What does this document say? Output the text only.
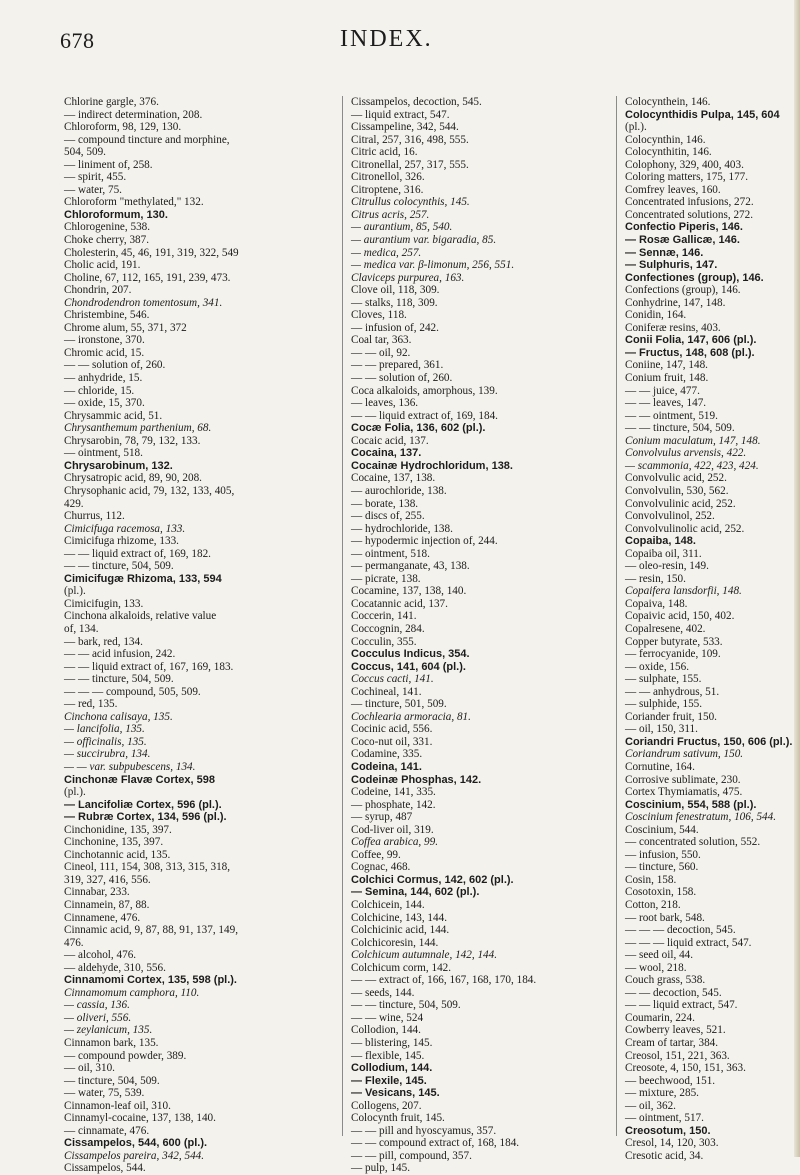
678	INDEX.
Chlorine gargle, 376.
— indirect determination, 208.
Chloroform, 98, 129, 130.
— compound tincture and morphine,
504, 509.
— liniment of, 258.
— spirit, 455.
— water, 75.
Chloroform "methylated," 132.
Chloroformum, 130.
Chlorogenine, 538.
Choke cherry, 387.
Cholesterin, 45, 46, 191, 319, 322, 549
Cholic acid, 191.
Choline, 67, 112, 165, 191, 239, 473.
Chondrin, 207.
Chondrodendron tomentosum, 341.
Christembine, 546.
Chrome alum, 55, 371, 372
— ironstone, 370.
Chromic acid, 15.
— — solution of, 260.
— anhydride, 15.
— chloride, 15.
— oxide, 15, 370.
Chrysammic acid, 51.
Chrysanthemum parthenium, 68.
Chrysarobin, 78, 79, 132, 133.
— ointment, 518.
Chrysarobinum, 132.
Chrysatropic acid, 89, 90, 208.
Chrysophanic acid, 79, 132, 133, 405,
429.
Churrus, 112.
Cimicifuga racemosa, 133.
Cimicifuga rhizome, 133.
— — liquid extract of, 169, 182.
— — tincture, 504, 509.
Cimicifugæ Rhizoma, 133, 594
(pl.).
Cimicifugin, 133.
Cinchona alkaloids, relative value
of, 134.
— bark, red, 134.
— — acid infusion, 242.
— — liquid extract of, 167, 169, 183.
— — tincture, 504, 509.
— — — compound, 505, 509.
— red, 135.
Cinchona calisaya, 135.
— lancifolia, 135.
— officinalis, 135.
— succirubra, 134.
— — var. subpubescens, 134.
Cinchonæ Flavæ Cortex, 598
(pl.).
— Lancifoliæ Cortex, 596 (pl.).
— Rubræ Cortex, 134, 596 (pl.).
Cinchonidine, 135, 397.
Cinchonine, 135, 397.
Cinchotannic acid, 135.
Cineol, 111, 154, 308, 313, 315, 318,
319, 327, 416, 556.
Cinnabar, 233.
Cinnamein, 87, 88.
Cinnamene, 476.
Cinnamic acid, 9, 87, 88, 91, 137, 149,
476.
— alcohol, 476.
— aldehyde, 310, 556.
Cinnamomi Cortex, 135, 598 (pl.).
Cinnamomum camphora, 110.
— cassia, 136.
— oliveri, 556.
— zeylanicum, 135.
Cinnamon bark, 135.
— compound powder, 389.
— oil, 310.
— tincture, 504, 509.
— water, 75, 539.
Cinnamon-leaf oil, 310.
Cinnamyl-cocaine, 137, 138, 140.
— cinnamate, 476.
Cissampelos, 544, 600 (pl.).
Cissampelos pareira, 342, 544.
Cissampelos, 544.
Cissampelos, decoction, 545.
— liquid extract, 547.
Cissampeline, 342, 544.
Citral, 257, 316, 498, 555.
Citric acid, 16.
Citronellal, 257, 317, 555.
Citronellol, 326.
Citroptene, 316.
Citrullus colocynthis, 145.
Citrus acris, 257.
— aurantium, 85, 540.
— aurantium var. bigaradia, 85.
— medica, 257.
— medica var. β-limonum, 256, 551.
Claviceps purpurea, 163.
Clove oil, 118, 309.
— stalks, 118, 309.
Cloves, 118.
— infusion of, 242.
Coal tar, 363.
— — oil, 92.
— — prepared, 361.
— — solution of, 260.
Coca alkaloids, amorphous, 139.
— leaves, 136.
— — liquid extract of, 169, 184.
Cocæ Folia, 136, 602 (pl.).
Cocaic acid, 137.
Cocaina, 137.
Cocainæ Hydrochloridum, 138.
Cocaine, 137, 138.
— aurochloride, 138.
— borate, 138.
— discs of, 255.
— hydrochloride, 138.
— hypodermic injection of, 244.
— ointment, 518.
— permanganate, 43, 138.
— picrate, 138.
Cocamine, 137, 138, 140.
Cocatannic acid, 137.
Coccerin, 141.
Coccognin, 284.
Cocculin, 355.
Cocculus Indicus, 354.
Coccus, 141, 604 (pl.).
Coccus cacti, 141.
Cochineal, 141.
— tincture, 501, 509.
Cochlearia armoracia, 81.
Cocinic acid, 556.
Coco-nut oil, 331.
Codamine, 335.
Codeina, 141.
Codeinæ Phosphas, 142.
Codeine, 141, 335.
— phosphate, 142.
— syrup, 487
Cod-liver oil, 319.
Coffea arabica, 99.
Coffee, 99.
Cognac, 468.
Colchici Cormus, 142, 602 (pl.).
— Semina, 144, 602 (pl.).
Colchicein, 144.
Colchicine, 143, 144.
Colchicinic acid, 144.
Colchicoresin, 144.
Colchicum autumnale, 142, 144.
Colchicum corm, 142.
— — extract of, 166, 167, 168, 170, 184.
— seeds, 144.
— — tincture, 504, 509.
— — wine, 524
Collodion, 144.
— blistering, 145.
— flexible, 145.
Collodium, 144.
— Flexile, 145.
— Vesicans, 145.
Collogens, 207.
Colocynth fruit, 145.
— — pill and hyoscyamus, 357.
— — compound extract of, 168, 184.
— — pill, compound, 357.
— pulp, 145.
Colocynthein, 146.
Colocynthidis Pulpa, 145, 604
(pl.).
Colocynthin, 146.
Colocynthitin, 146.
Colophony, 329, 400, 403.
Coloring matters, 175, 177.
Comfrey leaves, 160.
Concentrated infusions, 272.
Concentrated solutions, 272.
Confectio Piperis, 146.
— Rosæ Gallicæ, 146.
— Sennæ, 146.
— Sulphuris, 147.
Confectiones (group), 146.
Confections (group), 146.
Conhydrine, 147, 148.
Conidin, 164.
Coniferæ resins, 403.
Conii Folia, 147, 606 (pl.).
— Fructus, 148, 608 (pl.).
Coniine, 147, 148.
Conium fruit, 148.
— — juice, 477.
— — leaves, 147.
— — ointment, 519.
— — tincture, 504, 509.
Conium maculatum, 147, 148.
Convolvulus arvensis, 422.
— scammonia, 422, 423, 424.
Convolvulic acid, 252.
Convolvulin, 530, 562.
Convolvulinic acid, 252.
Convolvulinol, 252.
Convolvulinolic acid, 252.
Copaiba, 148.
Copaiba oil, 311.
— oleo-resin, 149.
— resin, 150.
Copaifera lansdorfii, 148.
Copaiva, 148.
Copaivic acid, 150, 402.
Copalresene, 402.
Copper butyrate, 533.
— ferrocyanide, 109.
— oxide, 156.
— sulphate, 155.
— — anhydrous, 51.
— sulphide, 155.
Coriander fruit, 150.
— oil, 150, 311.
Coriandri Fructus, 150, 606 (pl.).
Coriandrum sativum, 150.
Cornutine, 164.
Corrosive sublimate, 230.
Cortex Thymiamatis, 475.
Coscinium, 554, 588 (pl.).
Coscinium fenestratum, 106, 544.
Coscinium, 544.
— concentrated solution, 552.
— infusion, 550.
— tincture, 560.
Cosin, 158.
Cosotoxin, 158.
Cotton, 218.
— root bark, 548.
— — — decoction, 545.
— — — liquid extract, 547.
— seed oil, 44.
— wool, 218.
Couch grass, 538.
— — decoction, 545.
— — liquid extract, 547.
Coumarin, 224.
Cowberry leaves, 521.
Cream of tartar, 384.
Creosol, 151, 221, 363.
Creosote, 4, 150, 151, 363.
— beechwood, 151.
— mixture, 285.
— oil, 362.
— ointment, 517.
Creosotum, 150.
Cresol, 14, 120, 303.
Cresotic acid, 34.
